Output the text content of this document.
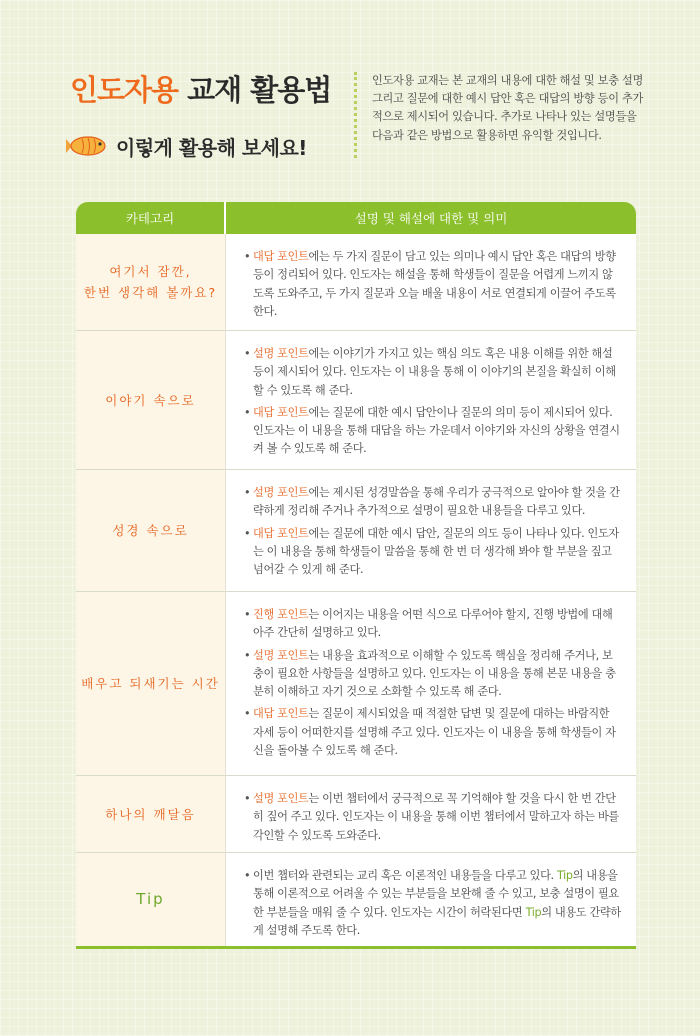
인도자용 교재 활용법
이렇게 활용해 보세요!

인도자용 교재는 본 교재의 내용에 대한 해설 및 보충 설명 그리고 질문에 대한 예시 답안 혹은 대답의 방향 등이 추가적으로 제시되어 있습니다. 추가로 나타나 있는 설명들을 다음과 같은 방법으로 활용하면 유익할 것입니다.

카테고리	설명 및 해설에 대한 및 의미
여기서 잠깐,
한번 생각해 볼까요?

• 대답 포인트에는 두 가지 질문이 담고 있는 의미나 예시 답안 혹은 대답의 방향 등이 정리되어 있다. 인도자는 해설을 통해 학생들이 질문을 어렵게 느끼지 않도록 도와주고, 두 가지 질문과 오늘 배울 내용이 서로 연결되게 이끌어 주도록 한다.

이야기 속으로

• 설명 포인트에는 이야기가 가지고 있는 핵심 의도 혹은 내용 이해를 위한 해설 등이 제시되어 있다. 인도자는 이 내용을 통해 이 이야기의 본질을 확실히 이해할 수 있도록 해 준다.

• 대답 포인트에는 질문에 대한 예시 답안이나 질문의 의미 등이 제시되어 있다. 인도자는 이 내용을 통해 대답을 하는 가운데서 이야기와 자신의 상황을 연결시켜 볼 수 있도록 해 준다.

성경 속으로

• 설명 포인트에는 제시된 성경말씀을 통해 우리가 궁극적으로 알아야 할 것을 간략하게 정리해 주거나 추가적으로 설명이 필요한 내용들을 다루고 있다.

• 대답 포인트에는 질문에 대한 예시 답안, 질문의 의도 등이 나타나 있다. 인도자는 이 내용을 통해 학생들이 말씀을 통해 한 번 더 생각해 봐야 할 부분을 짚고 넘어갈 수 있게 해 준다.

배우고 되새기는 시간

• 진행 포인트는 이어지는 내용을 어떤 식으로 다루어야 할지, 진행 방법에 대해 아주 간단히 설명하고 있다.

• 설명 포인트는 내용을 효과적으로 이해할 수 있도록 핵심을 정리해 주거나, 보충이 필요한 사항들을 설명하고 있다. 인도자는 이 내용을 통해 본문 내용을 충분히 이해하고 자기 것으로 소화할 수 있도록 해 준다.

• 대답 포인트는 질문이 제시되었을 때 적절한 답변 및 질문에 대하는 바람직한 자세 등이 어떠한지를 설명해 주고 있다. 인도자는 이 내용을 통해 학생들이 자신을 돌아볼 수 있도록 해 준다.

하나의 깨달음

• 설명 포인트는 이번 챕터에서 궁극적으로 꼭 기억해야 할 것을 다시 한 번 간단히 짚어 주고 있다. 인도자는 이 내용을 통해 이번 챕터에서 말하고자 하는 바를 각인할 수 있도록 도와준다.

Tip

• 이번 챕터와 관련되는 교리 혹은 이론적인 내용들을 다루고 있다. Tip의 내용을 통해 이론적으로 어려울 수 있는 부분들을 보완해 줄 수 있고, 보충 설명이 필요한 부분들을 매워 줄 수 있다. 인도자는 시간이 허락된다면 Tip의 내용도 간략하게 설명해 주도록 한다.
